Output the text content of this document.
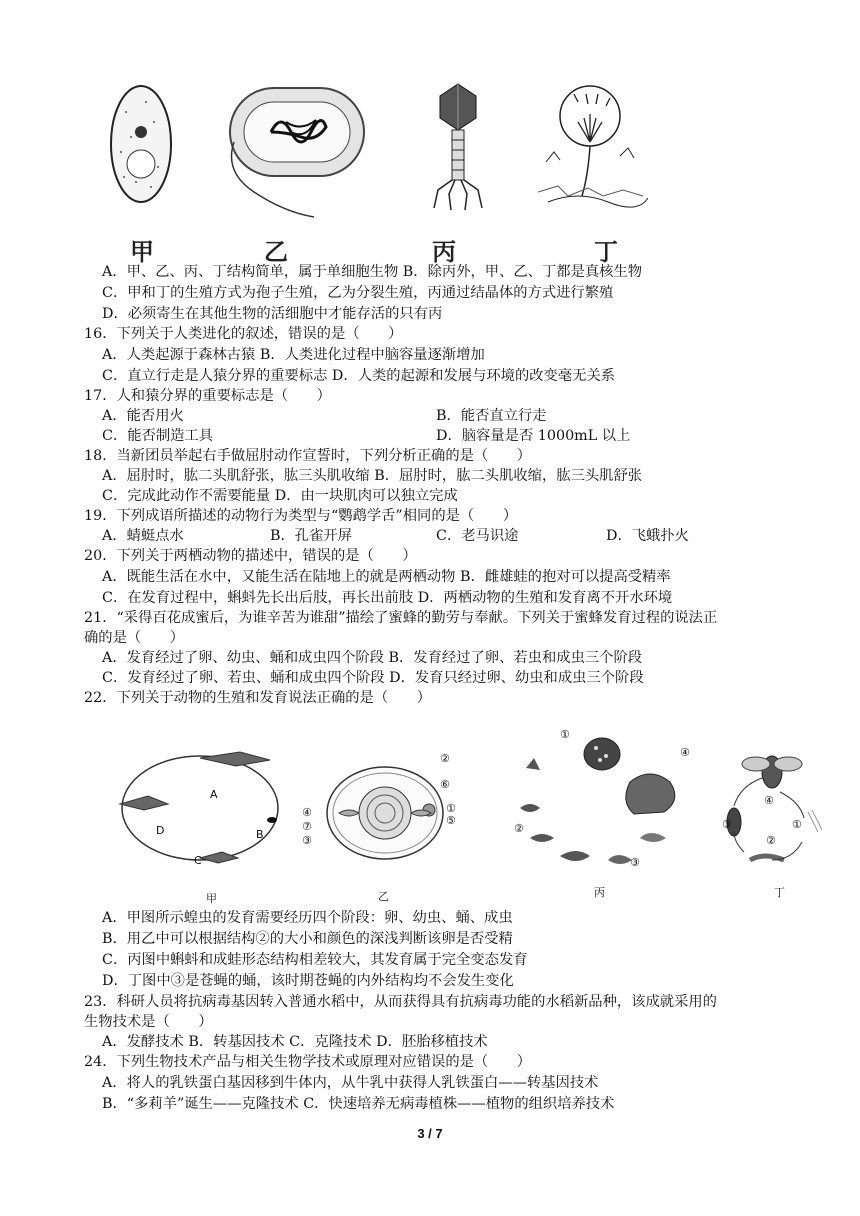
甲	乙	丙	丁
A．甲、乙、丙、丁结构简单，属于单细胞生物 B．除丙外，甲、乙、丁都是真核生物
C．甲和丁的生殖方式为孢子生殖，乙为分裂生殖，丙通过结晶体的方式进行繁殖
D．必须寄生在其他生物的活细胞中才能存活的只有丙
16．下列关于人类进化的叙述，错误的是（　　）
A．人类起源于森林古猿 B．人类进化过程中脑容量逐渐增加
C．直立行走是人猿分界的重要标志 D．人类的起源和发展与环境的改变毫无关系
17．人和猿分界的重要标志是（　　）
A．能否用火	B．能否直立行走
C．能否制造工具	D．脑容量是否 1000mL 以上
18．当新团员举起右手做屈肘动作宣誓时，下列分析正确的是（　　）
A．屈肘时，肱二头肌舒张，肱三头肌收缩 B．屈肘时，肱二头肌收缩，肱三头肌舒张
C．完成此动作不需要能量 D．由一块肌肉可以独立完成
19．下列成语所描述的动物行为类型与“鹦鹉学舌”相同的是（　　）
A．蜻蜓点水	B．孔雀开屏	C．老马识途	D．飞蛾扑火
20．下列关于两栖动物的描述中，错误的是（　　）
A．既能生活在水中，又能生活在陆地上的就是两栖动物 B．雌雄蛙的抱对可以提高受精率
C．在发育过程中，蝌蚪先长出后肢，再长出前肢 D．两栖动物的生殖和发育离不开水环境
21．“采得百花成蜜后，为谁辛苦为谁甜”描绘了蜜蜂的勤劳与奉献。下列关于蜜蜂发育过程的说法正
确的是（　　）
A．发育经过了卵、幼虫、蛹和成虫四个阶段 B．发育经过了卵、若虫和成虫三个阶段
C．发育经过了卵、若虫、蛹和成虫四个阶段 D．发育只经过卵、幼虫和成虫三个阶段
22．下列关于动物的生殖和发育说法正确的是（　　）
A
B
C
D
甲
②
⑥
①
⑤
④
⑦
③
乙
①
④
②
③
丙
④
③
②
①
丁
A．甲图所示蝗虫的发育需要经历四个阶段：卵、幼虫、蛹、成虫
B．用乙中可以根据结构②的大小和颜色的深浅判断该卵是否受精
C．丙图中蝌蚪和成蛙形态结构相差较大，其发育属于完全变态发育
D．丁图中③是苍蝇的蛹，该时期苍蝇的内外结构均不会发生变化
23．科研人员将抗病毒基因转入普通水稻中，从而获得具有抗病毒功能的水稻新品种，该成就采用的
生物技术是（　　）
A．发酵技术 B．转基因技术 C．克隆技术 D．胚胎移植技术
24．下列生物技术产品与相关生物学技术或原理对应错误的是（　　）
A．将人的乳铁蛋白基因移到牛体内，从牛乳中获得人乳铁蛋白——转基因技术
B．“多莉羊”诞生——克隆技术 C．快速培养无病毒植株——植物的组织培养技术
3 / 7
